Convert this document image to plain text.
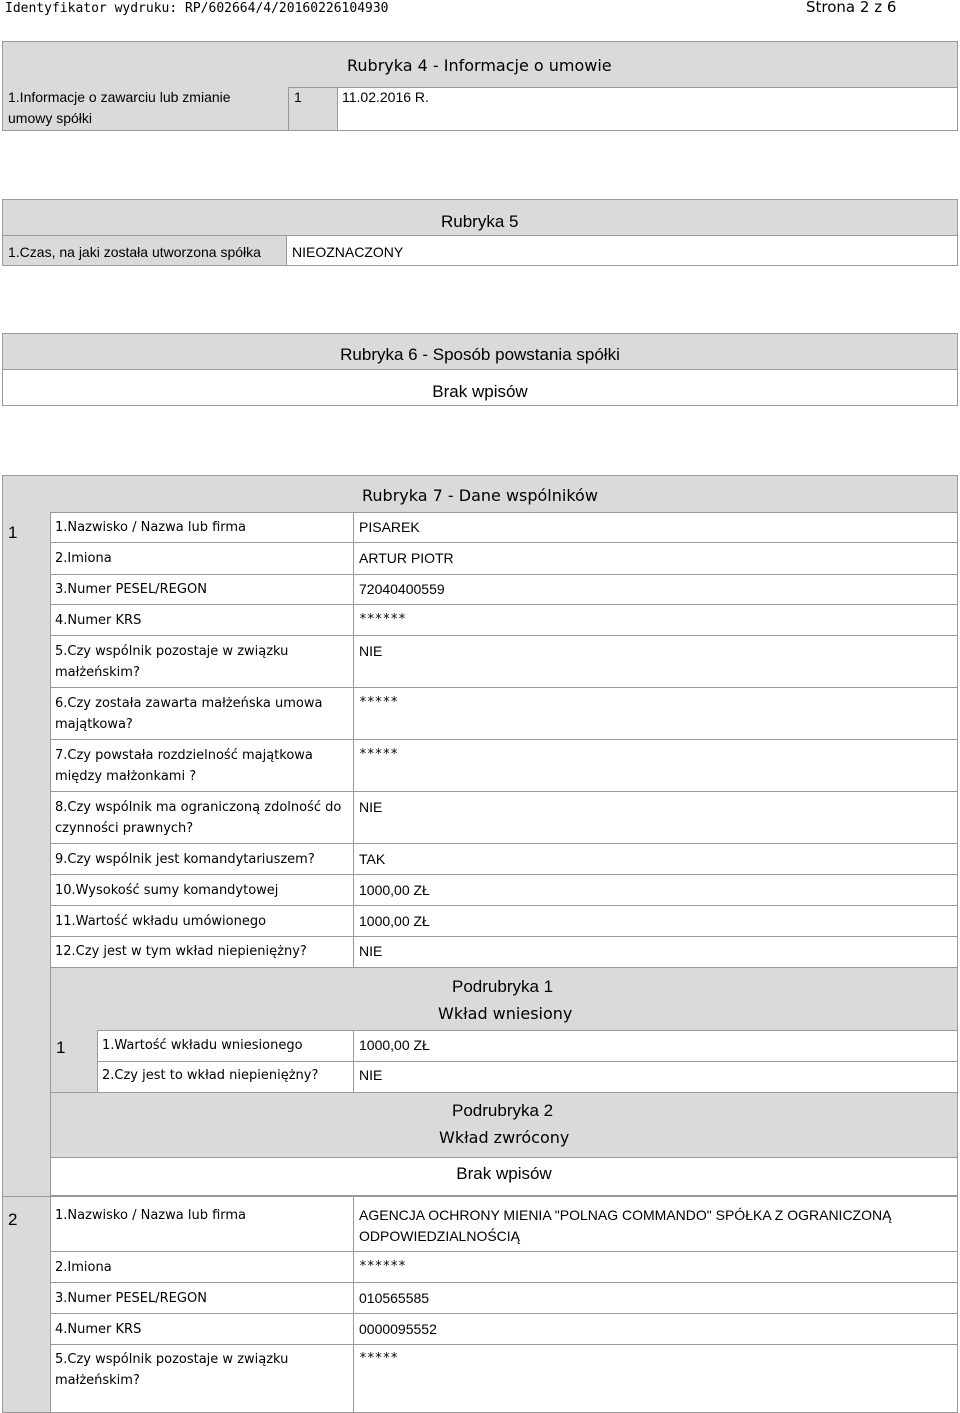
Identyfikator wydruku: RP/602664/4/20160226104930	Strona 2 z 6
Rubryka 4 - Informacje o umowie
1.Informacje o zawarciu lub zmianie umowy spółki
1	11.02.2016 R.
Rubryka 5
1.Czas, na jaki została utworzona spółka NIEOZNACZONY
Rubryka 6 - Sposób powstania spółki
Brak wpisów
Rubryka 7 - Dane wspólników
1	1.Nazwisko / Nazwa lub firma	PISAREK
2.Imiona	ARTUR PIOTR
3.Numer PESEL/REGON	72040400559
4.Numer KRS	******
5.Czy wspólnik pozostaje w związku małżeńskim?
NIE
6.Czy została zawarta małżeńska umowa majątkowa?
*****
7.Czy powstała rozdzielność majątkowa między małżonkami ?
*****
8.Czy wspólnik ma ograniczoną zdolność do czynności prawnych?
NIE
9.Czy wspólnik jest komandytariuszem?	TAK
10.Wysokość sumy komandytowej	1000,00 ZŁ
11.Wartość wkładu umówionego	1000,00 ZŁ
12.Czy jest w tym wkład niepieniężny?	NIE
Podrubryka 1
Wkład wniesiony
1	1.Wartość wkładu wniesionego	1000,00 ZŁ
2.Czy jest to wkład niepieniężny?	NIE
Podrubryka 2
Wkład zwrócony
Brak wpisów
2	1.Nazwisko / Nazwa lub firma	AGENCJA OCHRONY MIENIA "POLNAG COMMANDO" SPÓŁKA Z OGRANICZONĄ ODPOWIEDZIALNOŚCIĄ
2.Imiona	******
3.Numer PESEL/REGON	010565585
4.Numer KRS	0000095552
5.Czy wspólnik pozostaje w związku małżeńskim?
*****
